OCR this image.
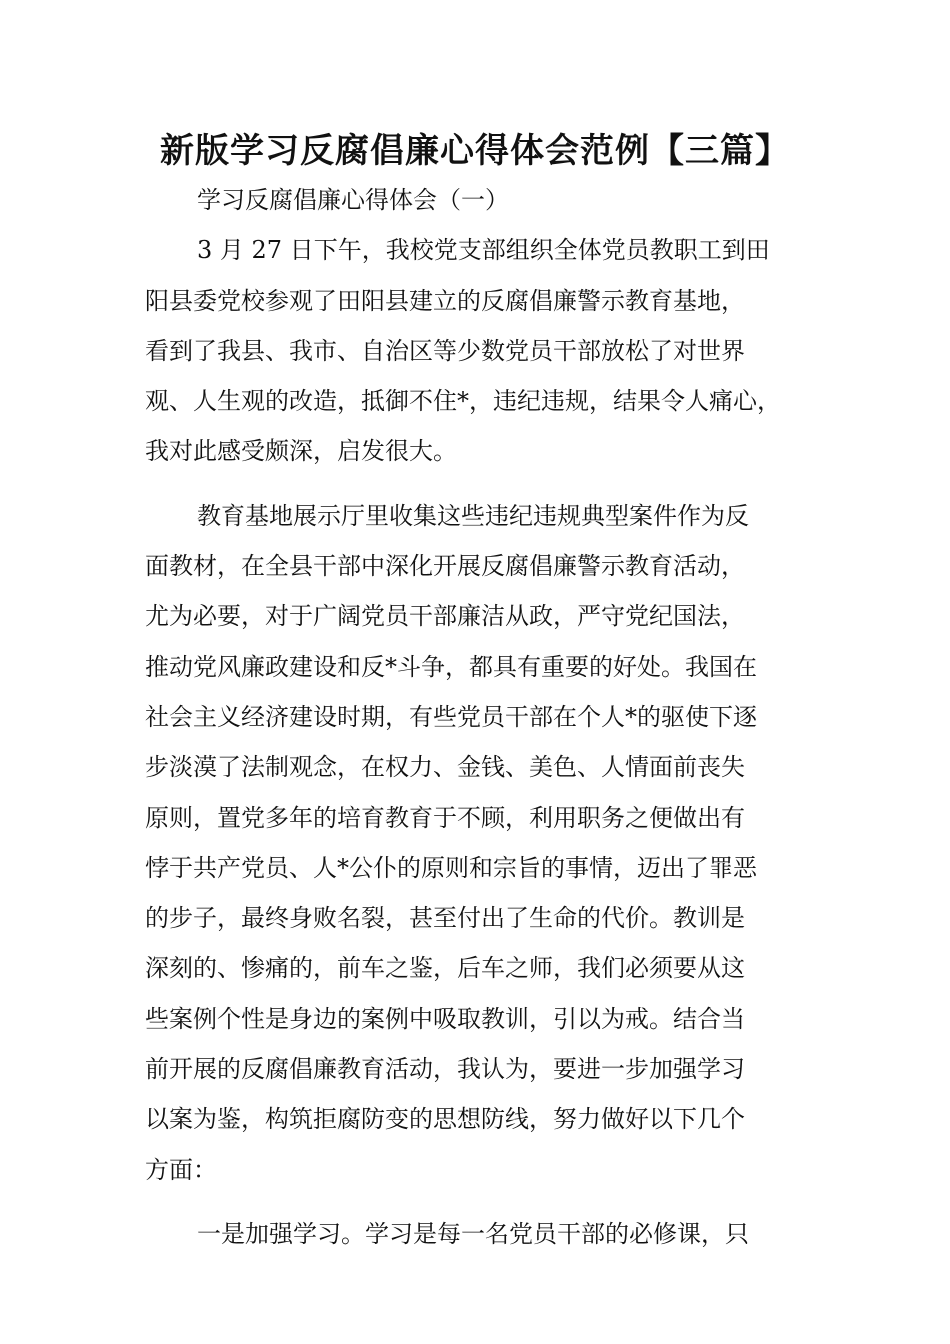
新版学习反腐倡廉心得体会范例【三篇】
学习反腐倡廉心得体会（一）
3 月 27 日下午，我校党支部组织全体党员教职工到田
阳县委党校参观了田阳县建立的反腐倡廉警示教育基地，
看到了我县、我市、自治区等少数党员干部放松了对世界
观、人生观的改造，抵御不住*，违纪违规，结果令人痛心，
我对此感受颇深，启发很大。
教育基地展示厅里收集这些违纪违规典型案件作为反
面教材，在全县干部中深化开展反腐倡廉警示教育活动，
尤为必要，对于广阔党员干部廉洁从政，严守党纪国法，
推动党风廉政建设和反*斗争，都具有重要的好处。我国在
社会主义经济建设时期，有些党员干部在个人*的驱使下逐
步淡漠了法制观念，在权力、金钱、美色、人情面前丧失
原则，置党多年的培育教育于不顾，利用职务之便做出有
悖于共产党员、人*公仆的原则和宗旨的事情，迈出了罪恶
的步子，最终身败名裂，甚至付出了生命的代价。教训是
深刻的、惨痛的，前车之鉴，后车之师，我们必须要从这
些案例个性是身边的案例中吸取教训，引以为戒。结合当
前开展的反腐倡廉教育活动，我认为，要进一步加强学习
以案为鉴，构筑拒腐防变的思想防线，努力做好以下几个
方面：
一是加强学习。学习是每一名党员干部的必修课，只
